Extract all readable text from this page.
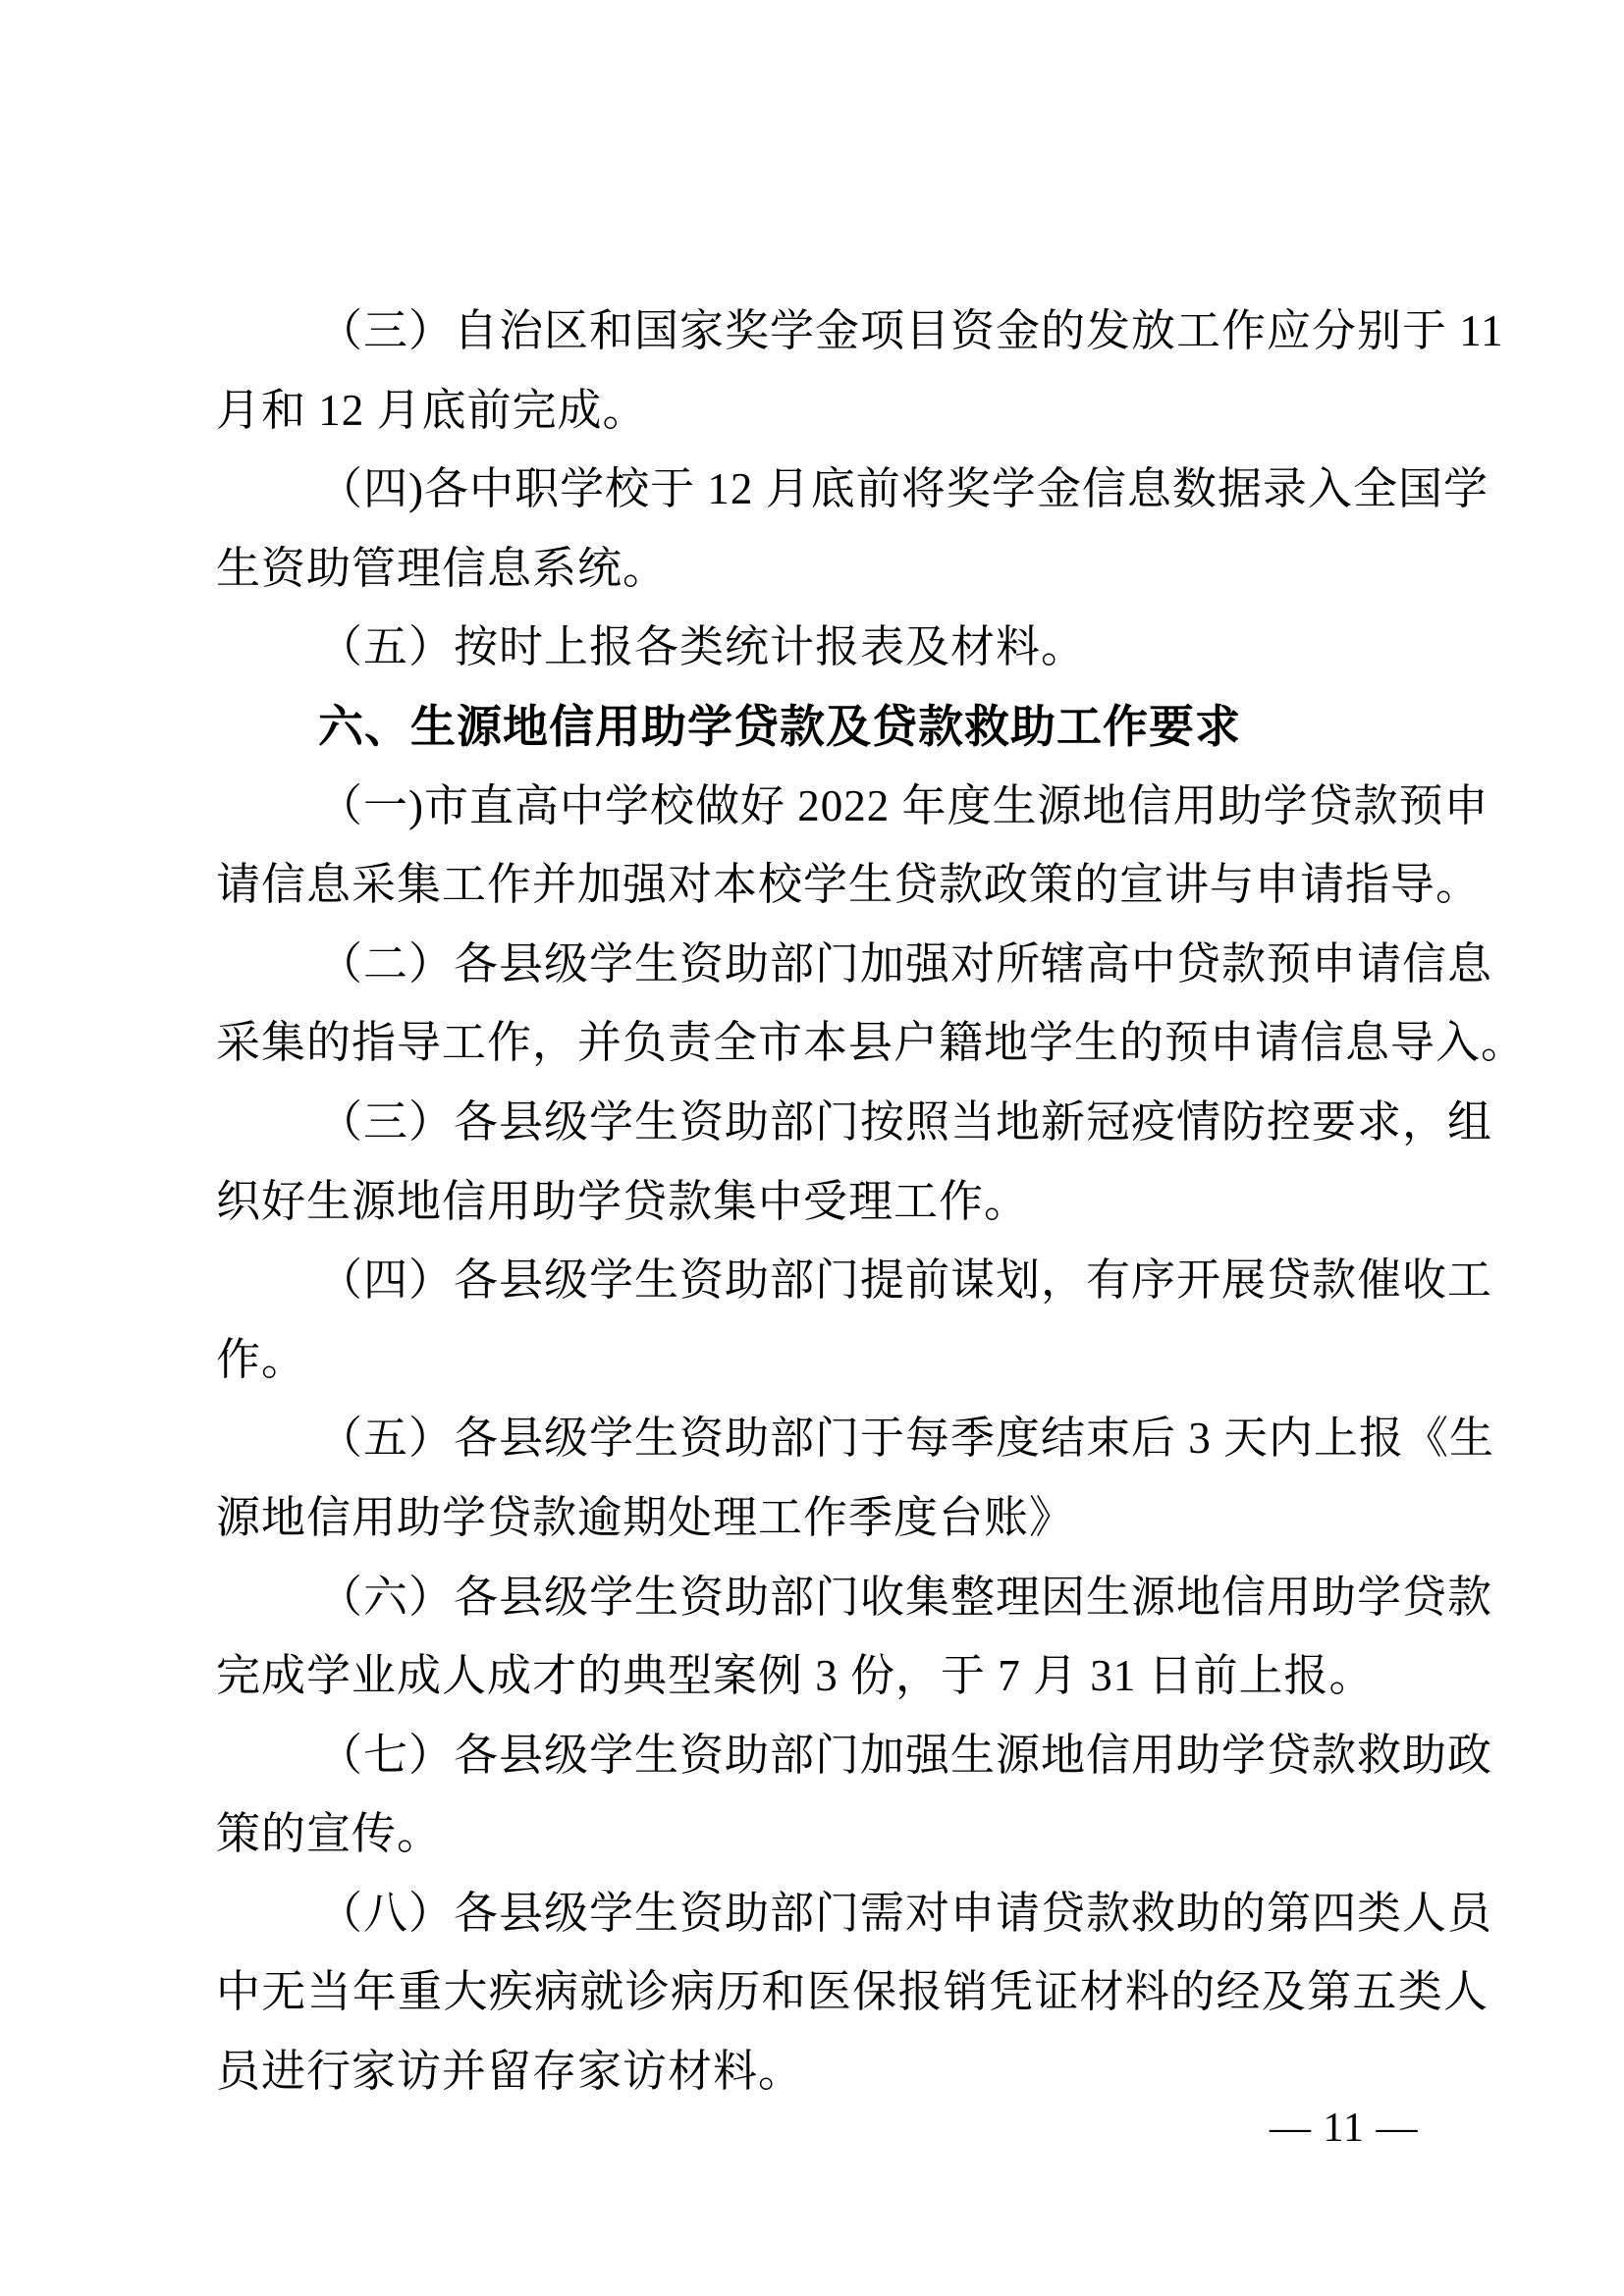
（三）自治区和国家奖学金项目资金的发放工作应分别于 11
月和 12 月底前完成。
（四)各中职学校于 12 月底前将奖学金信息数据录入全国学
生资助管理信息系统。
（五）按时上报各类统计报表及材料。
六、生源地信用助学贷款及贷款救助工作要求
（一)市直高中学校做好 2022 年度生源地信用助学贷款预申
请信息采集工作并加强对本校学生贷款政策的宣讲与申请指导。
（二）各县级学生资助部门加强对所辖高中贷款预申请信息
采集的指导工作，并负责全市本县户籍地学生的预申请信息导入。
（三）各县级学生资助部门按照当地新冠疫情防控要求，组
织好生源地信用助学贷款集中受理工作。
（四）各县级学生资助部门提前谋划，有序开展贷款催收工
作。
（五）各县级学生资助部门于每季度结束后 3 天内上报《生
源地信用助学贷款逾期处理工作季度台账》
（六）各县级学生资助部门收集整理因生源地信用助学贷款
完成学业成人成才的典型案例 3 份，于 7 月 31 日前上报。
（七）各县级学生资助部门加强生源地信用助学贷款救助政
策的宣传。
（八）各县级学生资助部门需对申请贷款救助的第四类人员
中无当年重大疾病就诊病历和医保报销凭证材料的经及第五类人
员进行家访并留存家访材料。
— 11 —
